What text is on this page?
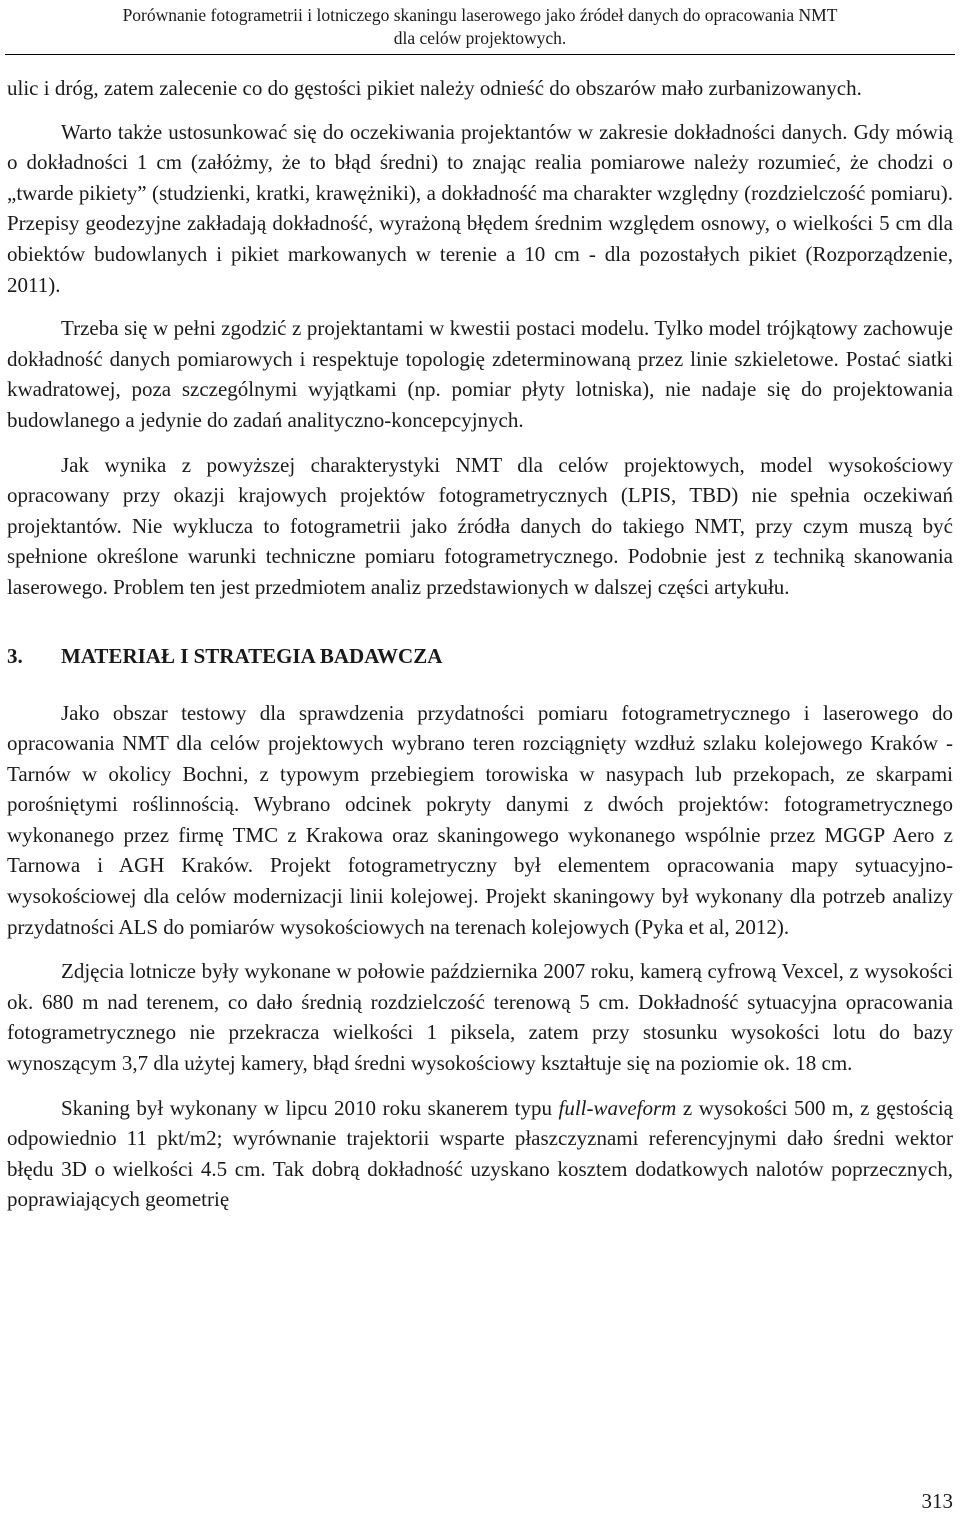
Porównanie fotogrametrii i lotniczego skaningu laserowego jako źródeł danych do opracowania NMT
dla celów projektowych.

ulic i dróg, zatem zalecenie co do gęstości pikiet należy odnieść do obszarów mało zurbanizowanych.

Warto także ustosunkować się do oczekiwania projektantów w zakresie dokładności danych. Gdy mówią o dokładności 1 cm (załóżmy, że to błąd średni) to znając realia pomiarowe należy rozumieć, że chodzi o „twarde pikiety” (studzienki, kratki, krawężniki), a dokładność ma charakter względny (rozdzielczość pomiaru). Przepisy geodezyjne zakładają dokładność, wyrażoną błędem średnim względem osnowy, o wielkości 5 cm dla obiektów budowlanych i pikiet markowanych w terenie a 10 cm - dla pozostałych pikiet (Rozporządzenie, 2011).

Trzeba się w pełni zgodzić z projektantami w kwestii postaci modelu. Tylko model trójkątowy zachowuje dokładność danych pomiarowych i respektuje topologię zdeterminowaną przez linie szkieletowe. Postać siatki kwadratowej, poza szczególnymi wyjątkami (np. pomiar płyty lotniska), nie nadaje się do projektowania budowlanego a jedynie do zadań analityczno-koncepcyjnych.

Jak wynika z powyższej charakterystyki NMT dla celów projektowych, model wysokościowy opracowany przy okazji krajowych projektów fotogrametrycznych (LPIS, TBD) nie spełnia oczekiwań projektantów. Nie wyklucza to fotogrametrii jako źródła danych do takiego NMT, przy czym muszą być spełnione określone warunki techniczne pomiaru fotogrametrycznego. Podobnie jest z techniką skanowania laserowego. Problem ten jest przedmiotem analiz przedstawionych w dalszej części artykułu.

3. MATERIAŁ I STRATEGIA BADAWCZA

Jako obszar testowy dla sprawdzenia przydatności pomiaru fotogrametrycznego i laserowego do opracowania NMT dla celów projektowych wybrano teren rozciągnięty wzdłuż szlaku kolejowego Kraków -Tarnów w okolicy Bochni, z typowym przebiegiem torowiska w nasypach lub przekopach, ze skarpami porośniętymi roślinnością. Wybrano odcinek pokryty danymi z dwóch projektów: fotogrametrycznego wykonanego przez firmę TMC z Krakowa oraz skaningowego wykonanego wspólnie przez MGGP Aero z Tarnowa i AGH Kraków. Projekt fotogrametryczny był elementem opracowania mapy sytuacyjno-wysokościowej dla celów modernizacji linii kolejowej. Projekt skaningowy był wykonany dla potrzeb analizy przydatności ALS do pomiarów wysokościowych na terenach kolejowych (Pyka et al, 2012).

Zdjęcia lotnicze były wykonane w połowie października 2007 roku, kamerą cyfrową Vexcel, z wysokości ok. 680 m nad terenem, co dało średnią rozdzielczość terenową 5 cm. Dokładność sytuacyjna opracowania fotogrametrycznego nie przekracza wielkości 1 piksela, zatem przy stosunku wysokości lotu do bazy wynoszącym 3,7 dla użytej kamery, błąd średni wysokościowy kształtuje się na poziomie ok. 18 cm.

Skaning był wykonany w lipcu 2010 roku skanerem typu full-waveform z wysokości 500 m, z gęstością odpowiednio 11 pkt/m2; wyrównanie trajektorii wsparte płaszczyznami referencyjnymi dało średni wektor błędu 3D o wielkości 4.5 cm. Tak dobrą dokładność uzyskano kosztem dodatkowych nalotów poprzecznych, poprawiających geometrię

313
